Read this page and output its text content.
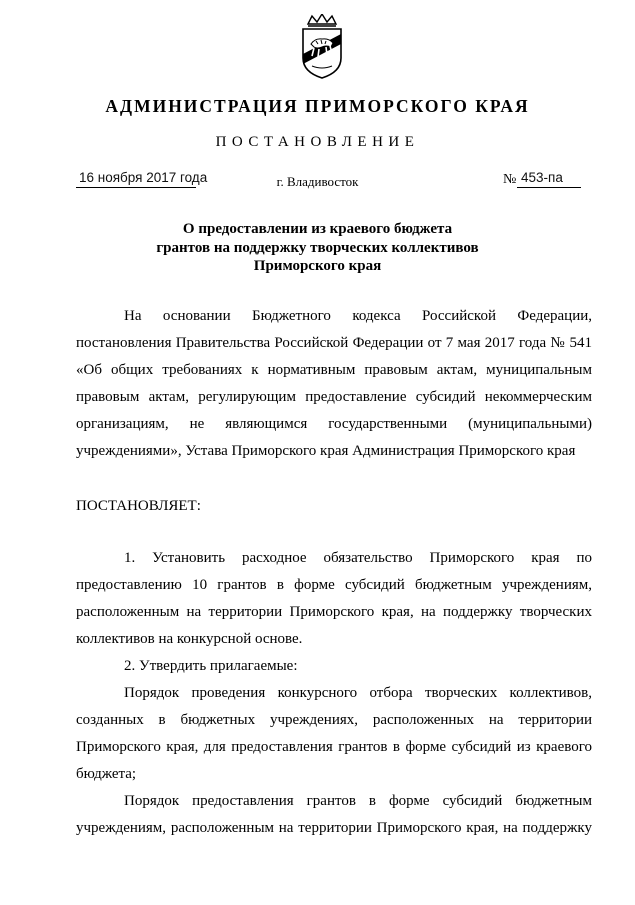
АДМИНИСТРАЦИЯ ПРИМОРСКОГО КРАЯ
ПОСТАНОВЛЕНИЕ
16 ноября 2017 года	г. Владивосток	№ 453-па
О предоставлении из краевого бюджета
грантов на поддержку творческих коллективов
Приморского края
На основании Бюджетного кодекса Российской Федерации,
постановления Правительства Российской Федерации от 7 мая 2017 года № 541
«Об общих требованиях к нормативным правовым актам, муниципальным
правовым актам, регулирующим предоставление субсидий некоммерческим
организациям, не являющимся государственными (муниципальными)
учреждениями», Устава Приморского края Администрация Приморского края
ПОСТАНОВЛЯЕТ:
1. Установить расходное обязательство Приморского края по
предоставлению 10 грантов в форме субсидий бюджетным учреждениям,
расположенным на территории Приморского края, на поддержку творческих
коллективов на конкурсной основе.
2. Утвердить прилагаемые:
Порядок проведения конкурсного отбора творческих коллективов,
созданных в бюджетных учреждениях, расположенных на территории
Приморского края, для предоставления грантов в форме субсидий из краевого
бюджета;
Порядок предоставления грантов в форме субсидий бюджетным
учреждениям, расположенным на территории Приморского края, на поддержку
